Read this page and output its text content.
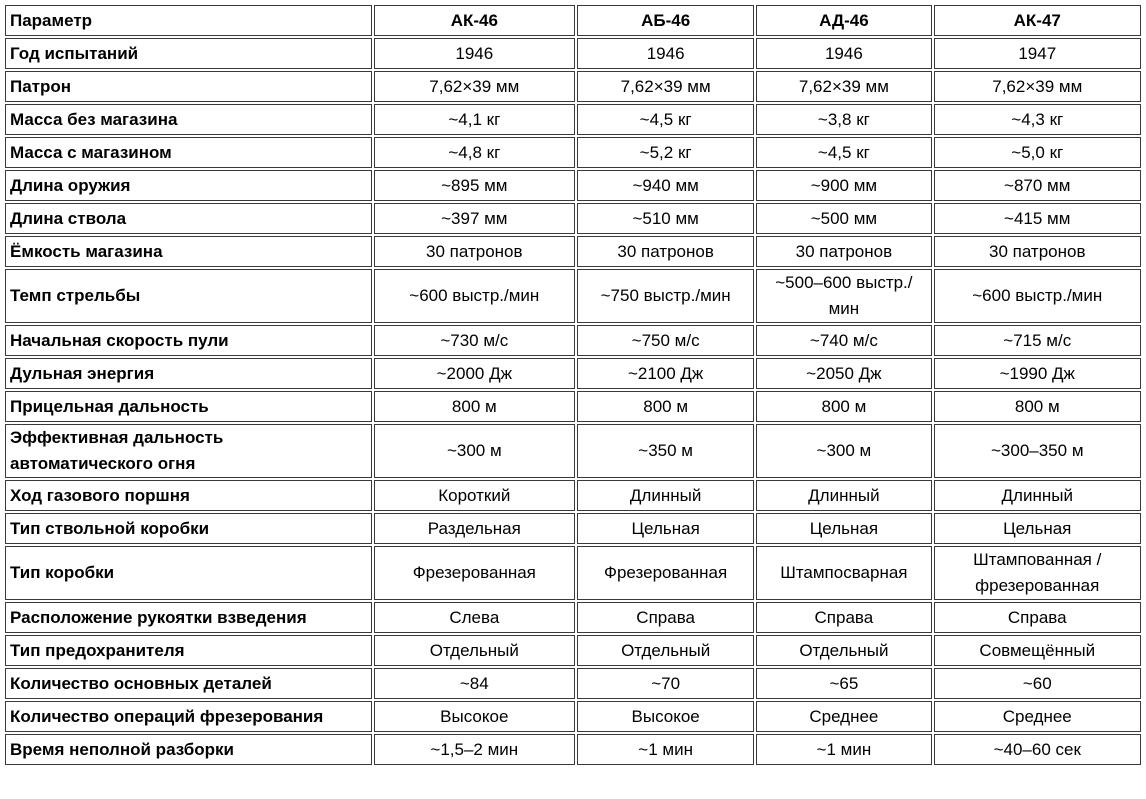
Параметр	АК-46	АБ-46	АД-46	АК-47
Год испытаний	1946	1946	1946	1947
Патрон	7,62×39 мм	7,62×39 мм	7,62×39 мм	7,62×39 мм
Масса без магазина	~4,1 кг	~4,5 кг	~3,8 кг	~4,3 кг
Масса с магазином	~4,8 кг	~5,2 кг	~4,5 кг	~5,0 кг
Длина оружия	~895 мм	~940 мм	~900 мм	~870 мм
Длина ствола	~397 мм	~510 мм	~500 мм	~415 мм
Ёмкость магазина	30 патронов	30 патронов	30 патронов	30 патронов
Темп стрельбы	~600 выстр./мин	~750 выстр./мин	~500–600 выстр./мин	~600 выстр./мин
Начальная скорость пули	~730 м/с	~750 м/с	~740 м/с	~715 м/с
Дульная энергия	~2000 Дж	~2100 Дж	~2050 Дж	~1990 Дж
Прицельная дальность	800 м	800 м	800 м	800 м
Эффективная дальность автоматического огня	~300 м	~350 м	~300 м	~300–350 м
Ход газового поршня	Короткий	Длинный	Длинный	Длинный
Тип ствольной коробки	Раздельная	Цельная	Цельная	Цельная
Тип коробки	Фрезерованная	Фрезерованная	Штампосварная	Штампованная / фрезерованная
Расположение рукоятки взведения	Слева	Справа	Справа	Справа
Тип предохранителя	Отдельный	Отдельный	Отдельный	Совмещённый
Количество основных деталей	~84	~70	~65	~60
Количество операций фрезерования	Высокое	Высокое	Среднее	Среднее
Время неполной разборки	~1,5–2 мин	~1 мин	~1 мин	~40–60 сек
